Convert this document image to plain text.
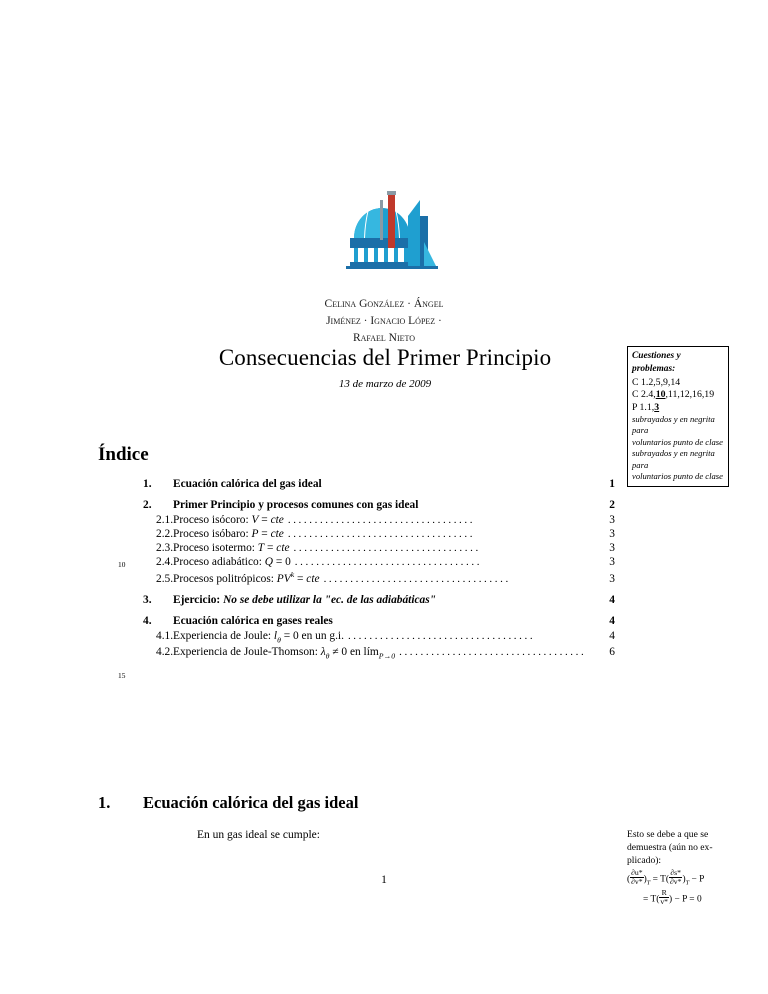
Celina González · Ángel
Jiménez · Ignacio López ·
Rafael Nieto
Consecuencias del Primer Principio
13 de marzo de 2009
Cuestiones y
problemas:
C 1.2,5,9,14
C 2.4,10,11,12,16,19
P 1.1,3
subrayados y en negrita para
voluntarios punto de clase
subrayados y en negrita para
voluntarios punto de clase
Índice
1.	Ecuación calórica del gas ideal	1
2.	Primer Principio y procesos comunes con gas ideal	2
2.1. Proceso isócoro: V = cte ...................................	3
2.2. Proceso isóbaro: P = cte ...................................	3
2.3. Proceso isotermo: T = cte ...................................	3
2.4. Proceso adiabático: Q = 0 ...................................	3
2.5. Procesos politrópicos: $PV^k$ = cte ...................................	3
3.	Ejercicio: No se debe utilizar la "ec. de las adiabáticas"	4
4.	Ecuación calórica en gases reales	4
4.1. Experiencia de Joule: $l_\theta = 0$ en un g.i. ...................................	4
4.2. Experiencia de Joule-Thomson: $\lambda_\theta \ne 0$ en lím$_{P\to 0}$ ...................................	6
10
15
1. Ecuación calórica del gas ideal
En un gas ideal se cumple:	Esto se debe a que se
demuestra (aún no ex-
plicado):
( $\frac{\partial u*}{\partial v*} )_T = T( \frac{\partial s*}{\partial v*} )_T - P$
= $T( \frac{R}{v*}$ ) − P = 0
1
